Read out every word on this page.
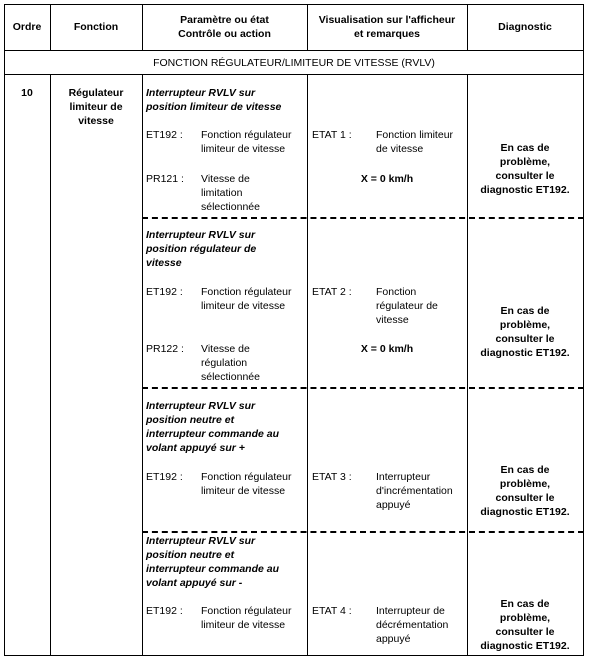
Ordre	Fonction
Paramètre ou état
Contrôle ou action
Visualisation sur l'afficheur
et remarques
Diagnostic
FONCTION RÉGULATEUR/LIMITEUR DE VITESSE (RVLV)
10	Régulateur
limiteur de
vitesse
Interrupteur RVLV sur
position limiteur de vitesse
ET192 : Fonction régulateur
limiteur de vitesse
PR121 : Vitesse de
limitation
sélectionnée
ETAT 1 : Fonction limiteur
de vitesse
X = 0 km/h
En cas de
problème,
consulter le
diagnostic ET192.
Interrupteur RVLV sur
position régulateur de
vitesse
ET192 : Fonction régulateur
limiteur de vitesse
PR122 : Vitesse de
régulation
sélectionnée
ETAT 2 : Fonction
régulateur de
vitesse
X = 0 km/h
En cas de
problème,
consulter le
diagnostic ET192.
Interrupteur RVLV sur
position neutre et
interrupteur commande au
volant appuyé sur +
ET192 : Fonction régulateur
limiteur de vitesse
ETAT 3 : Interrupteur
d'incrémentation
appuyé
En cas de
problème,
consulter le
diagnostic ET192.
Interrupteur RVLV sur
position neutre et
interrupteur commande au
volant appuyé sur -
ET192 : Fonction régulateur
limiteur de vitesse
ETAT 4 : Interrupteur de
décrémentation
appuyé
En cas de
problème,
consulter le
diagnostic ET192.
